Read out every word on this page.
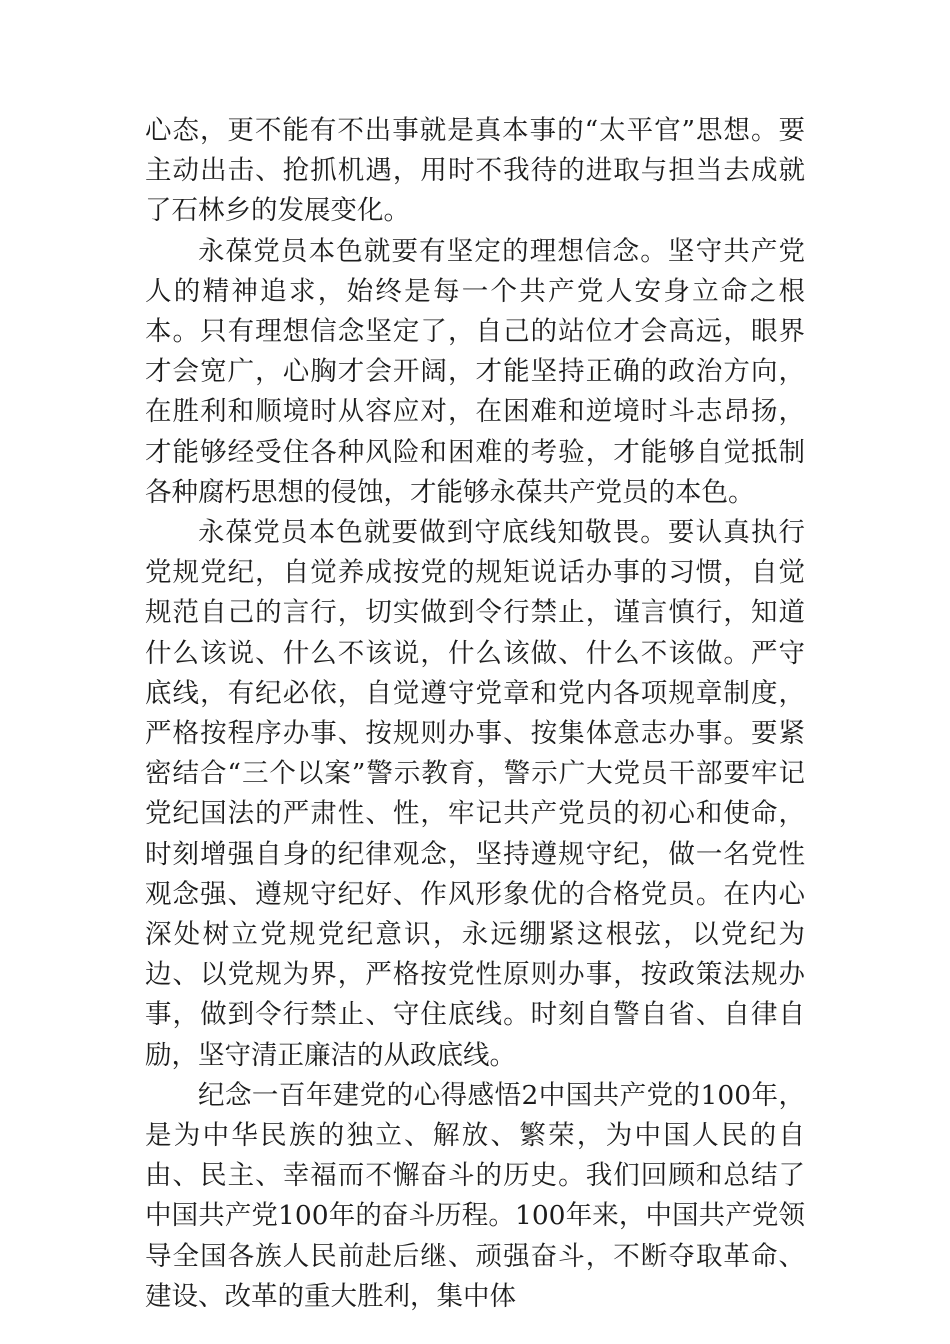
心态，更不能有不出事就是真本事的“太平官”思想。要主动出击、抢抓机遇，用时不我待的进取与担当去成就了石林乡的发展变化。

永葆党员本色就要有坚定的理想信念。坚守共产党人的精神追求，始终是每一个共产党人安身立命之根本。只有理想信念坚定了，自己的站位才会高远，眼界才会宽广，心胸才会开阔，才能坚持正确的政治方向，在胜利和顺境时从容应对，在困难和逆境时斗志昂扬，才能够经受住各种风险和困难的考验，才能够自觉抵制各种腐朽思想的侵蚀，才能够永葆共产党员的本色。

永葆党员本色就要做到守底线知敬畏。要认真执行党规党纪，自觉养成按党的规矩说话办事的习惯，自觉规范自己的言行，切实做到令行禁止，谨言慎行，知道什么该说、什么不该说，什么该做、什么不该做。严守底线，有纪必依，自觉遵守党章和党内各项规章制度，严格按程序办事、按规则办事、按集体意志办事。要紧密结合“三个以案”警示教育，警示广大党员干部要牢记党纪国法的严肃性、性，牢记共产党员的初心和使命，时刻增强自身的纪律观念，坚持遵规守纪，做一名党性观念强、遵规守纪好、作风形象优的合格党员。在内心深处树立党规党纪意识，永远绷紧这根弦，以党纪为边、以党规为界，严格按党性原则办事，按政策法规办事，做到令行禁止、守住底线。时刻自警自省、自律自励，坚守清正廉洁的从政底线。

纪念一百年建党的心得感悟2中国共产党的100年，是为中华民族的独立、解放、繁荣，为中国人民的自由、民主、幸福而不懈奋斗的历史。我们回顾和总结了中国共产党100年的奋斗历程。100年来，中国共产党领导全国各族人民前赴后继、顽强奋斗，不断夺取革命、建设、改革的重大胜利，集中体
